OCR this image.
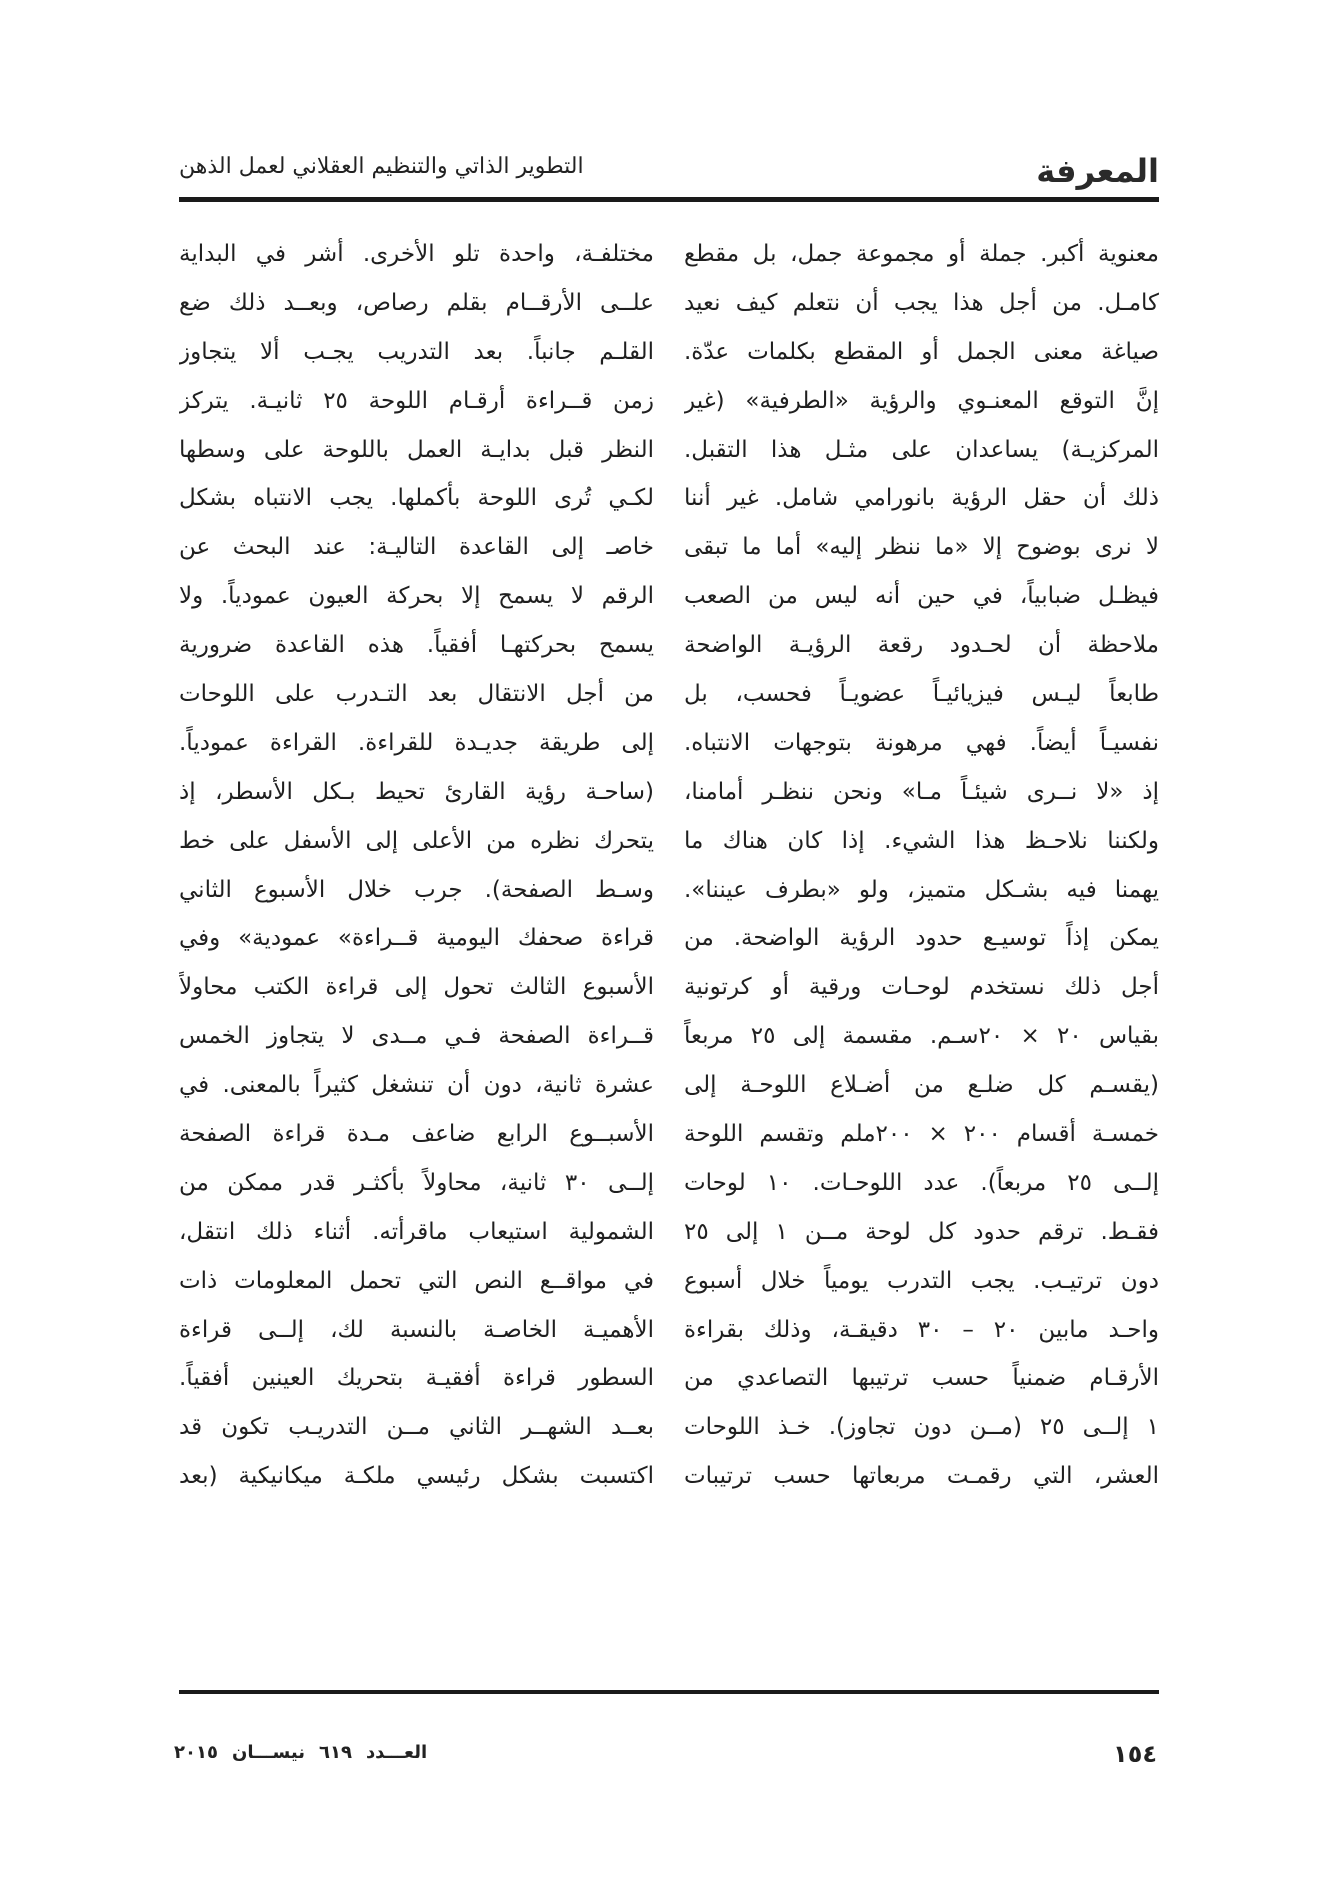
المعرفة
التطوير الذاتي والتنظيم العقلاني لعمل الذهن
معنوية أكبر. جملة أو مجموعة جمل، بل مقطع
كامـل. من أجل هذا يجب أن نتعلم كيف نعيد
صياغة معنى الجمل أو المقطع بكلمات عدّة.
إنَّ التوقع المعنـوي والرؤية «الطرفية» (غير
المركزيـة) يساعدان على مثـل هذا التقبل.
ذلك أن حقل الرؤية بانورامي شامل. غير أننا
لا نرى بوضوح إلا «ما ننظر إليه» أما ما تبقى
فيظـل ضبابياً، في حين أنه ليس من الصعب
ملاحظة أن لحـدود رقعة الرؤيـة الواضحة
طابعاً ليـس فيزيائيـاً عضويـاً فحسب، بل
نفسيـاً أيضاً. فهي مرهونة بتوجهات الانتباه.
إذ «لا نــرى شيئـاً مـا» ونحن ننظـر أمامنا،
ولكننا نلاحـظ هذا الشيء. إذا كان هناك ما
يهمنا فيه بشـكل متميز، ولو «بطرف عيننا».
يمكن إذاً توسيـع حدود الرؤية الواضحة. من
أجل ذلك نستخدم لوحـات ورقية أو كرتونية
بقياس ٢٠ × ٢٠سـم. مقسمة إلى ٢٥ مربعاً
(يقسـم كل ضلـع من أضـلاع اللوحـة إلى
خمسـة أقسام ٢٠٠ × ٢٠٠ملم وتقسم اللوحة
إلــى ٢٥ مربعاً). عدد اللوحـات. ١٠ لوحات
فقـط. ترقم حدود كل لوحة مــن ١ إلى ٢٥
دون ترتيـب. يجب التدرب يومياً خلال أسبوع
واحـد مابين ٢٠ – ٣٠ دقيقـة، وذلك بقراءة
الأرقـام ضمنياً حسب ترتيبها التصاعدي من
١ إلــى ٢٥ (مــن دون تجاوز). خـذ اللوحات
العشر، التي رقمـت مربعاتها حسب ترتيبات
مختلفـة، واحدة تلو الأخرى. أشر في البداية
علــى الأرقــام بقلم رصاص، وبعــد ذلك ضع
القلـم جانباً. بعد التدريب يجـب ألا يتجاوز
زمن قــراءة أرقـام اللوحة ٢٥ ثانيـة. يتركز
النظر قبل بدايـة العمل باللوحة على وسطها
لكـي تُرى اللوحة بأكملها. يجب الانتباه بشكل
خاصـ إلى القاعدة التاليـة: عند البحث عن
الرقم لا يسمح إلا بحركة العيون عمودياً. ولا
يسمح بحركتهـا أفقياً. هذه القاعدة ضرورية
من أجل الانتقال بعد التـدرب على اللوحات
إلى طريقة جديـدة للقراءة. القراءة عمودياً.
(ساحـة رؤية القارئ تحيط بـكل الأسطر، إذ
يتحرك نظره من الأعلى إلى الأسفل على خط
وسـط الصفحة). جرب خلال الأسبوع الثاني
قراءة صحفك اليومية قــراءة» عمودية» وفي
الأسبوع الثالث تحول إلى قراءة الكتب محاولاً
قــراءة الصفحة فـي مــدى لا يتجاوز الخمس
عشرة ثانية، دون أن تنشغل كثيراً بالمعنى. في
الأسبــوع الرابع ضاعف مـدة قراءة الصفحة
إلــى ٣٠ ثانية، محاولاً بأكثـر قدر ممكن من
الشمولية استيعاب ماقرأته. أثناء ذلك انتقل،
في مواقــع النص التي تحمل المعلومات ذات
الأهميـة الخاصـة بالنسبة لك، إلــى قراءة
السطور قراءة أفقيـة بتحريك العينين أفقياً.
بعــد الشهــر الثاني مــن التدريـب تكون قد
اكتسبت بشكل رئيسي ملكـة ميكانيكية (بعد
١٥٤
العـــدد٦١٩نيســـان٢٠١٥
